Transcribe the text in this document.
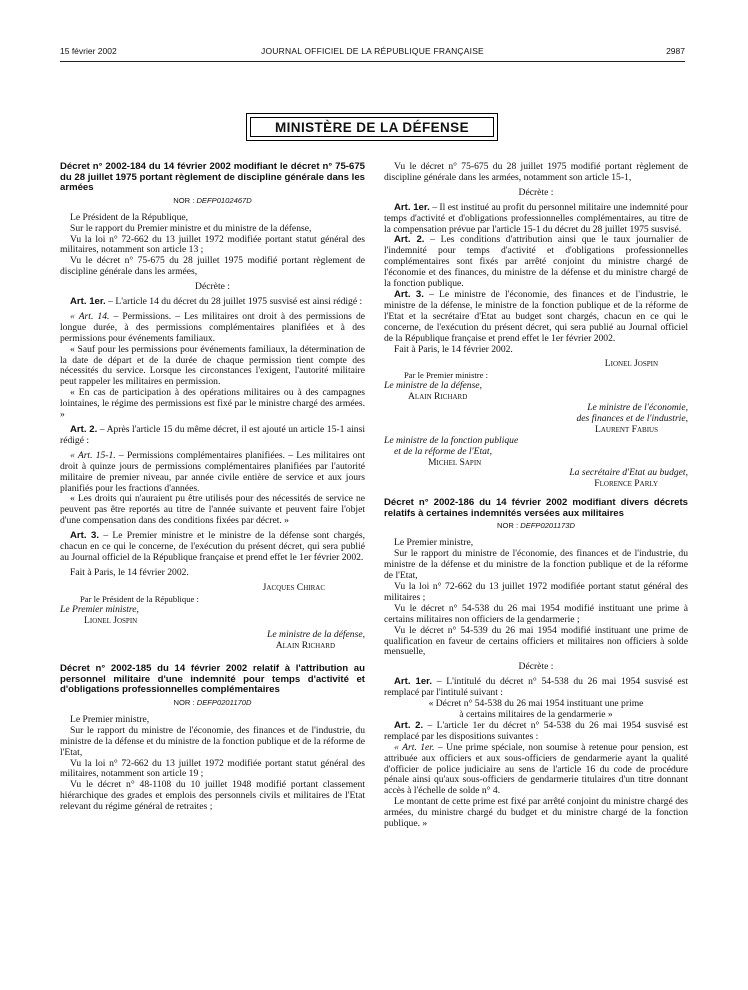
15 février 2002	JOURNAL OFFICIEL DE LA RÉPUBLIQUE FRANÇAISE	2987
MINISTÈRE DE LA DÉFENSE

Décret n° 2002-184 du 14 février 2002 modifiant le décret n° 75-675 du 28 juillet 1975 portant règlement de discipline générale dans les armées

NOR : DEFP0102467D

Le Président de la République,

Sur le rapport du Premier ministre et du ministre de la défense,

Vu la loi n° 72-662 du 13 juillet 1972 modifiée portant statut général des militaires, notamment son article 13 ;

Vu le décret n° 75-675 du 28 juillet 1975 modifié portant règlement de discipline générale dans les armées,

Décrète :

Art. 1er. – L'article 14 du décret du 28 juillet 1975 susvisé est ainsi rédigé :

« Art. 14. – Permissions. – Les militaires ont droit à des permissions de longue durée, à des permissions complémentaires planifiées et à des permissions pour événements familiaux.

« Sauf pour les permissions pour événements familiaux, la détermination de la date de départ et de la durée de chaque permission tient compte des nécessités du service. Lorsque les circonstances l'exigent, l'autorité militaire peut rappeler les militaires en permission.

« En cas de participation à des opérations militaires ou à des campagnes lointaines, le régime des permissions est fixé par le ministre chargé des armées. »

Art. 2. – Après l'article 15 du même décret, il est ajouté un article 15-1 ainsi rédigé :

« Art. 15-1. – Permissions complémentaires planifiées. – Les militaires ont droit à quinze jours de permissions complémentaires planifiées par l'autorité militaire de premier niveau, par année civile entière de service et aux jours planifiés pour les fractions d'années.

« Les droits qui n'auraient pu être utilisés pour des nécessités de service ne peuvent pas être reportés au titre de l'année suivante et peuvent faire l'objet d'une compensation dans des conditions fixées par décret. »

Art. 3. – Le Premier ministre et le ministre de la défense sont chargés, chacun en ce qui le concerne, de l'exécution du présent décret, qui sera publié au Journal officiel de la République française et prend effet le 1er février 2002.

Fait à Paris, le 14 février 2002.

Jacques Chirac

Par le Président de la République :

Le Premier ministre,

Lionel Jospin

Le ministre de la défense,

Alain Richard

Décret n° 2002-185 du 14 février 2002 relatif à l'attribution au personnel militaire d'une indemnité pour temps d'activité et d'obligations professionnelles complémentaires

NOR : DEFP0201170D

Le Premier ministre,

Sur le rapport du ministre de l'économie, des finances et de l'industrie, du ministre de la défense et du ministre de la fonction publique et de la réforme de l'Etat,

Vu la loi n° 72-662 du 13 juillet 1972 modifiée portant statut général des militaires, notamment son article 19 ;

Vu le décret n° 48-1108 du 10 juillet 1948 modifié portant classement hiérarchique des grades et emplois des personnels civils et militaires de l'Etat relevant du régime général de retraites ;

Vu le décret n° 75-675 du 28 juillet 1975 modifié portant règlement de discipline générale dans les armées, notamment son article 15-1,

Décrète :

Art. 1er. – Il est institué au profit du personnel militaire une indemnité pour temps d'activité et d'obligations professionnelles complémentaires, au titre de la compensation prévue par l'article 15-1 du décret du 28 juillet 1975 susvisé.

Art. 2. – Les conditions d'attribution ainsi que le taux journalier de l'indemnité pour temps d'activité et d'obligations professionnelles complémentaires sont fixés par arrêté conjoint du ministre chargé de l'économie et des finances, du ministre de la défense et du ministre chargé de la fonction publique.

Art. 3. – Le ministre de l'économie, des finances et de l'industrie, le ministre de la défense, le ministre de la fonction publique et de la réforme de l'Etat et la secrétaire d'Etat au budget sont chargés, chacun en ce qui le concerne, de l'exécution du présent décret, qui sera publié au Journal officiel de la République française et prend effet le 1er février 2002.

Fait à Paris, le 14 février 2002.

Lionel Jospin

Par le Premier ministre :

Le ministre de la défense,

Alain Richard

Le ministre de l'économie,

des finances et de l'industrie,

Laurent Fabius

Le ministre de la fonction publique

et de la réforme de l'Etat,

Michel Sapin

La secrétaire d'Etat au budget,

Florence Parly

Décret n° 2002-186 du 14 février 2002 modifiant divers décrets relatifs à certaines indemnités versées aux militaires

NOR : DEFP0201173D

Le Premier ministre,

Sur le rapport du ministre de l'économie, des finances et de l'industrie, du ministre de la défense et du ministre de la fonction publique et de la réforme de l'Etat,

Vu la loi n° 72-662 du 13 juillet 1972 modifiée portant statut général des militaires ;

Vu le décret n° 54-538 du 26 mai 1954 modifié instituant une prime à certains militaires non officiers de la gendarmerie ;

Vu le décret n° 54-539 du 26 mai 1954 modifié instituant une prime de qualification en faveur de certains officiers et militaires non officiers à solde mensuelle,

Décrète :

Art. 1er. – L'intitulé du décret n° 54-538 du 26 mai 1954 susvisé est remplacé par l'intitulé suivant :

« Décret n° 54-538 du 26 mai 1954 instituant une prime

à certains militaires de la gendarmerie »

Art. 2. – L'article 1er du décret n° 54-538 du 26 mai 1954 susvisé est remplacé par les dispositions suivantes :

« Art. 1er. – Une prime spéciale, non soumise à retenue pour pension, est attribuée aux officiers et aux sous-officiers de gendarmerie ayant la qualité d'officier de police judiciaire au sens de l'article 16 du code de procédure pénale ainsi qu'aux sous-officiers de gendarmerie titulaires d'un titre donnant accès à l'échelle de solde n° 4.

Le montant de cette prime est fixé par arrêté conjoint du ministre chargé des armées, du ministre chargé du budget et du ministre chargé de la fonction publique. »
